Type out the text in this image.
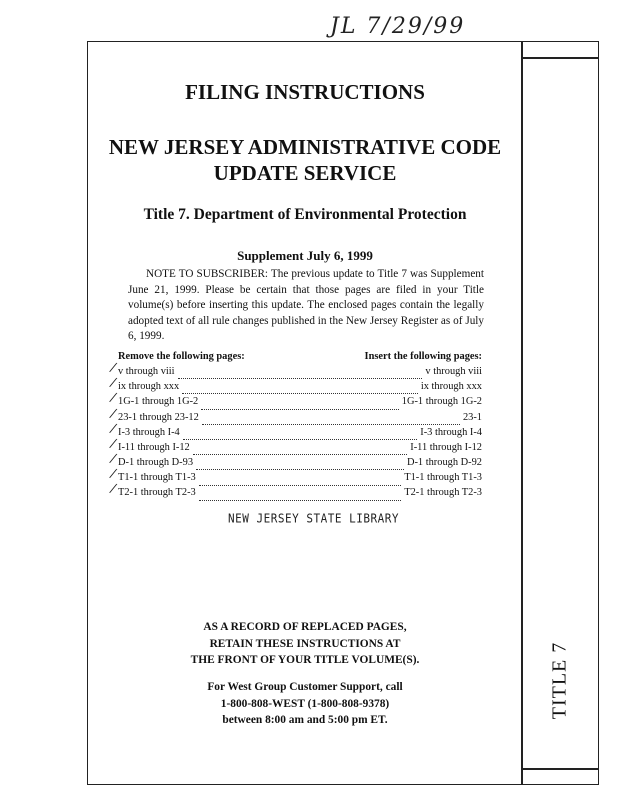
JL 7/29/99
TITLE 7
FILING INSTRUCTIONS
NEW JERSEY ADMINISTRATIVE CODE
UPDATE SERVICE
Title 7. Department of Environmental Protection
Supplement July 6, 1999
NOTE TO SUBSCRIBER: The previous update to Title 7 was Supplement June 21, 1999. Please be certain that those pages are filed in your Title volume(s) before inserting this update. The enclosed pages contain the legally adopted text of all rule changes published in the New Jersey Register as of July 6, 1999.
Remove the following pages:	Insert the following pages:
⁄ v through viii	v through viii
⁄ ix through xxx	ix through xxx
⁄ 1G-1 through 1G-2	1G-1 through 1G-2
⁄ 23-1 through 23-12	23-1
⁄ I-3 through I-4	I-3 through I-4
⁄ I-11 through I-12	I-11 through I-12
⁄ D-1 through D-93	D-1 through D-92
⁄ T1-1 through T1-3	T1-1 through T1-3
⁄ T2-1 through T2-3	T2-1 through T2-3
NEW JERSEY STATE LIBRARY
AS A RECORD OF REPLACED PAGES,
RETAIN THESE INSTRUCTIONS AT
THE FRONT OF YOUR TITLE VOLUME(S).
For West Group Customer Support, call
1-800-808-WEST (1-800-808-9378)
between 8:00 am and 5:00 pm ET.
